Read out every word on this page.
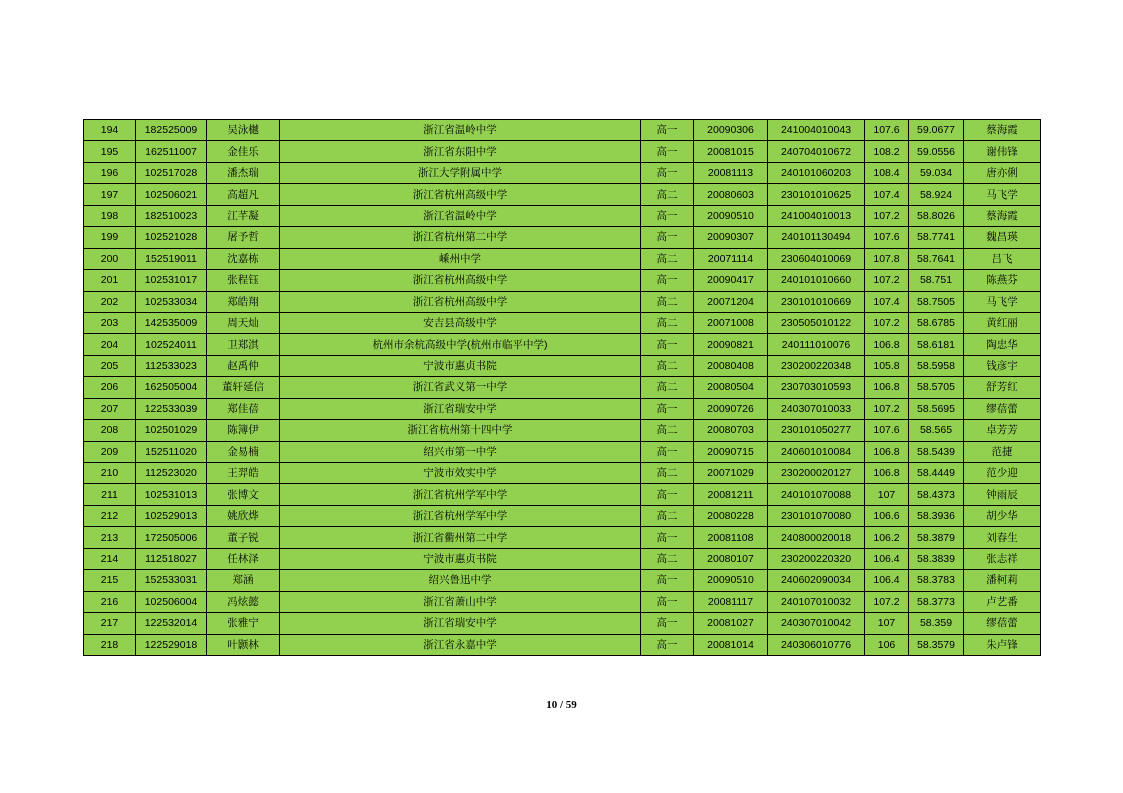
194	182525009	吴泳樾	浙江省温岭中学	高一	20090306	241004010043	107.6	59.0677	蔡海霞
195	162511007	金佳乐	浙江省东阳中学	高一	20081015	240704010672	108.2	59.0556	谢伟锋
196	102517028	潘杰瑞	浙江大学附属中学	高一	20081113	240101060203	108.4	59.034	唐亦俐
197	102506021	高超凡	浙江省杭州高级中学	高二	20080603	230101010625	107.4	58.924	马飞学
198	182510023	江芊凝	浙江省温岭中学	高一	20090510	241004010013	107.2	58.8026	蔡海霞
199	102521028	屠予哲	浙江省杭州第二中学	高一	20090307	240101130494	107.6	58.7741	魏昌瑛
200	152519011	沈嘉栋	嵊州中学	高二	20071114	230604010069	107.8	58.7641	吕飞
201	102531017	张程钰	浙江省杭州高级中学	高一	20090417	240101010660	107.2	58.751	陈燕芬
202	102533034	郑皓翔	浙江省杭州高级中学	高二	20071204	230101010669	107.4	58.7505	马飞学
203	142535009	周天灿	安吉县高级中学	高二	20071008	230505010122	107.2	58.6785	黄红丽
204	102524011	卫郑淇	杭州市余杭高级中学(杭州市临平中学)	高一	20090821	240111010076	106.8	58.6181	陶忠华
205	112533023	赵禹仲	宁波市惠贞书院	高二	20080408	230200220348	105.8	58.5958	钱彦宇
206	162505004	董轩延信	浙江省武义第一中学	高二	20080504	230703010593	106.8	58.5705	舒芳红
207	122533039	郑佳蓓	浙江省瑞安中学	高一	20090726	240307010033	107.2	58.5695	缪蓓蕾
208	102501029	陈簿伊	浙江省杭州第十四中学	高二	20080703	230101050277	107.6	58.565	卓芳芳
209	152511020	金易楠	绍兴市第一中学	高一	20090715	240601010084	106.8	58.5439	范捷
210	112523020	王羿皓	宁波市效实中学	高二	20071029	230200020127	106.8	58.4449	范少迎
211	102531013	张博文	浙江省杭州学军中学	高一	20081211	240101070088	107	58.4373	钟雨辰
212	102529013	姚欣烨	浙江省杭州学军中学	高二	20080228	230101070080	106.6	58.3936	胡少华
213	172505006	董子锐	浙江省衢州第二中学	高一	20081108	240800020018	106.2	58.3879	刘春生
214	112518027	任林泽	宁波市惠贞书院	高二	20080107	230200220320	106.4	58.3839	张志祥
215	152533031	郑涵	绍兴鲁迅中学	高一	20090510	240602090034	106.4	58.3783	潘柯莉
216	102506004	冯炫懿	浙江省萧山中学	高一	20081117	240107010032	107.2	58.3773	卢艺番
217	122532014	张雅宁	浙江省瑞安中学	高一	20081027	240307010042	107	58.359	缪蓓蕾
218	122529018	叶颢林	浙江省永嘉中学	高一	20081014	240306010776	106	58.3579	朱卢锋
10 / 59
